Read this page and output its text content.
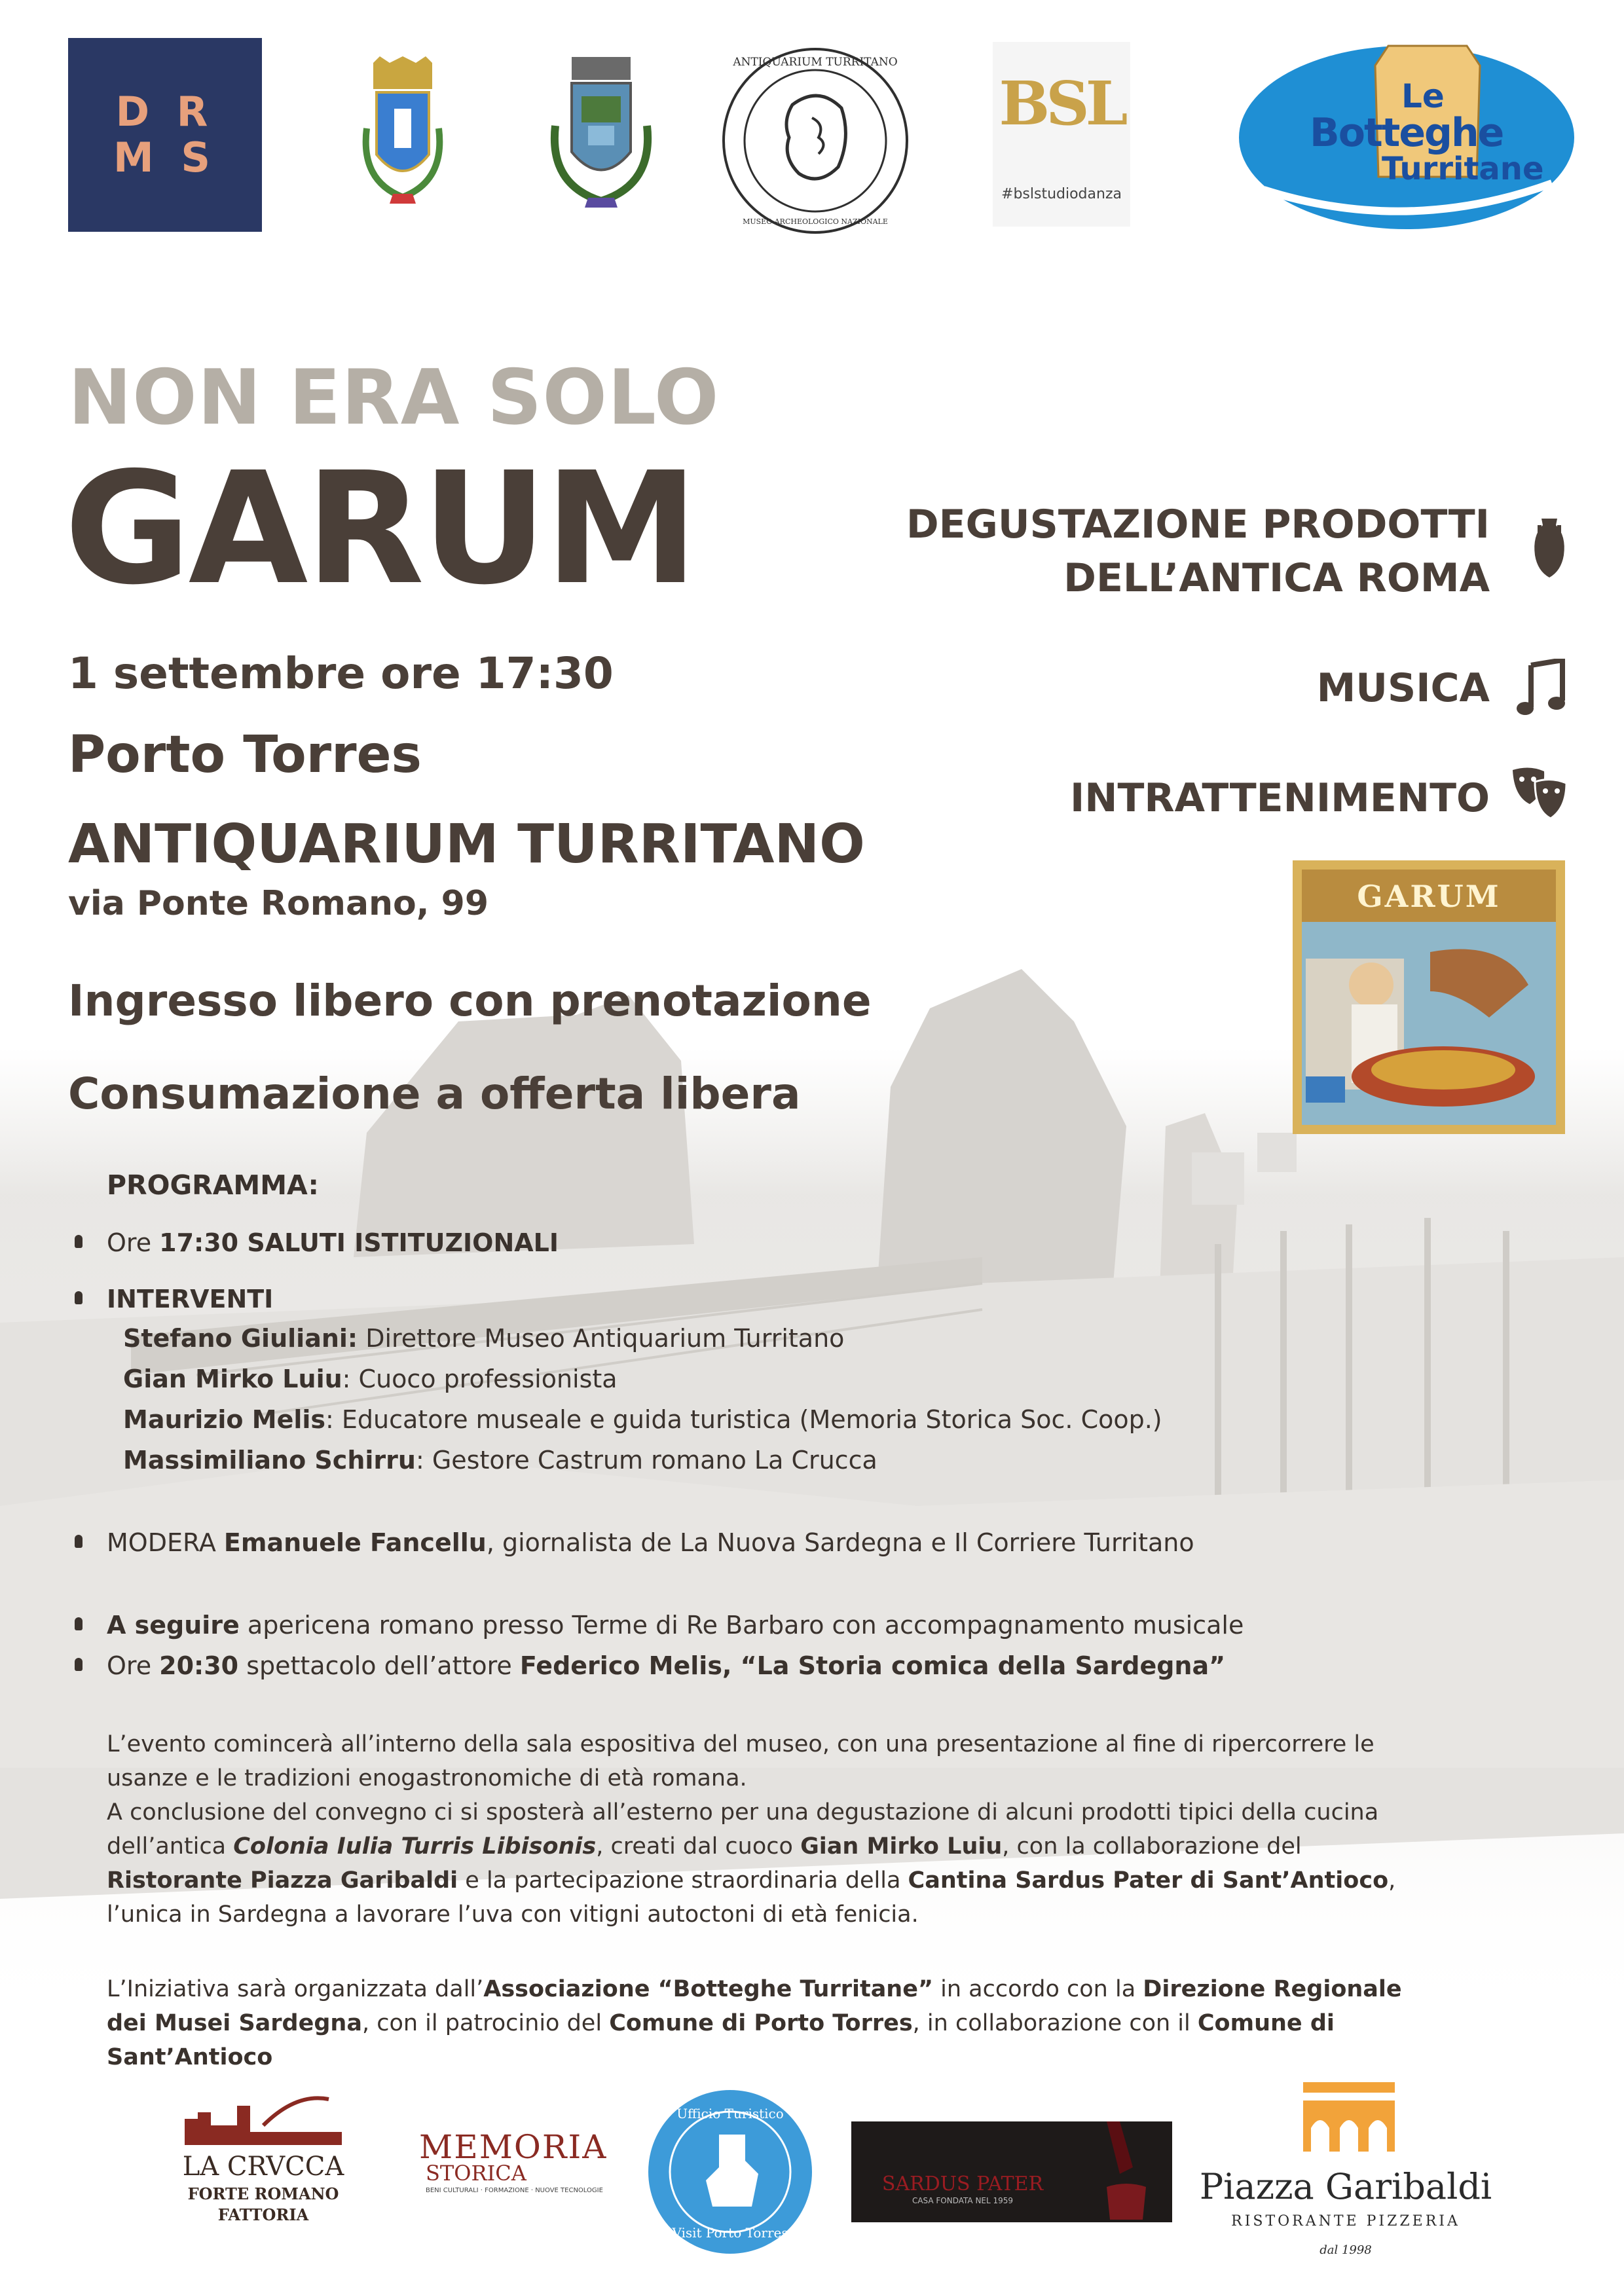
D R
M S
ANTIQUARIUM TURRITANO
MUSEO ARCHEOLOGICO NAZIONALE
BSL
#bslstudiodanza
Le
Botteghe
Turritane
NON ERA SOLO
GARUM
1 settembre ore 17:30
Porto Torres
ANTIQUARIUM TURRITANO
via Ponte Romano, 99
Ingresso libero con prenotazione
Consumazione a offerta libera
DEGUSTAZIONE PRODOTTI
DELL’ANTICA ROMA
MUSICA
INTRATTENIMENTO
GARUM
PROGRAMMA:
Ore 17:30 SALUTI ISTITUZIONALI
INTERVENTI
Stefano Giuliani: Direttore Museo Antiquarium Turritano
Gian Mirko Luiu: Cuoco professionista
Maurizio Melis: Educatore museale e guida turistica (Memoria Storica Soc. Coop.)
Massimiliano Schirru: Gestore Castrum romano La Crucca
MODERA Emanuele Fancellu, giornalista de La Nuova Sardegna e Il Corriere Turritano
A seguire apericena romano presso Terme di Re Barbaro con accompagnamento musicale
Ore 20:30 spettacolo dell’attore Federico Melis, “La Storia comica della Sardegna”
L’evento comincerà all’interno della sala espositiva del museo, con una presentazione al fine di ripercorrere le usanze e le tradizioni enogastronomiche di età romana.
A conclusione del convegno ci si sposterà all’esterno per una degustazione di alcuni prodotti tipici della cucina dell’antica Colonia Iulia Turris Libisonis, creati dal cuoco Gian Mirko Luiu, con la collaborazione del Ristorante Piazza Garibaldi e la partecipazione straordinaria della Cantina Sardus Pater di Sant’Antioco, l’unica in Sardegna a lavorare l’uva con vitigni autoctoni di età fenicia.
L’Iniziativa sarà organizzata dall’Associazione “Botteghe Turritane” in accordo con la Direzione Regionale dei Musei Sardegna, con il patrocinio del Comune di Porto Torres, in collaborazione con il Comune di Sant’Antioco
LA CRVCCA
FORTE ROMANO
FATTORIA
MEMORIA
STORICA
BENI CULTURALI · FORMAZIONE · NUOVE TECNOLOGIE
Ufficio Turistico
Visit Porto Torres
SARDUS PATER
CASA FONDATA NEL 1959	Piazza Garibaldi
RISTORANTE PIZZERIA
dal 1998
